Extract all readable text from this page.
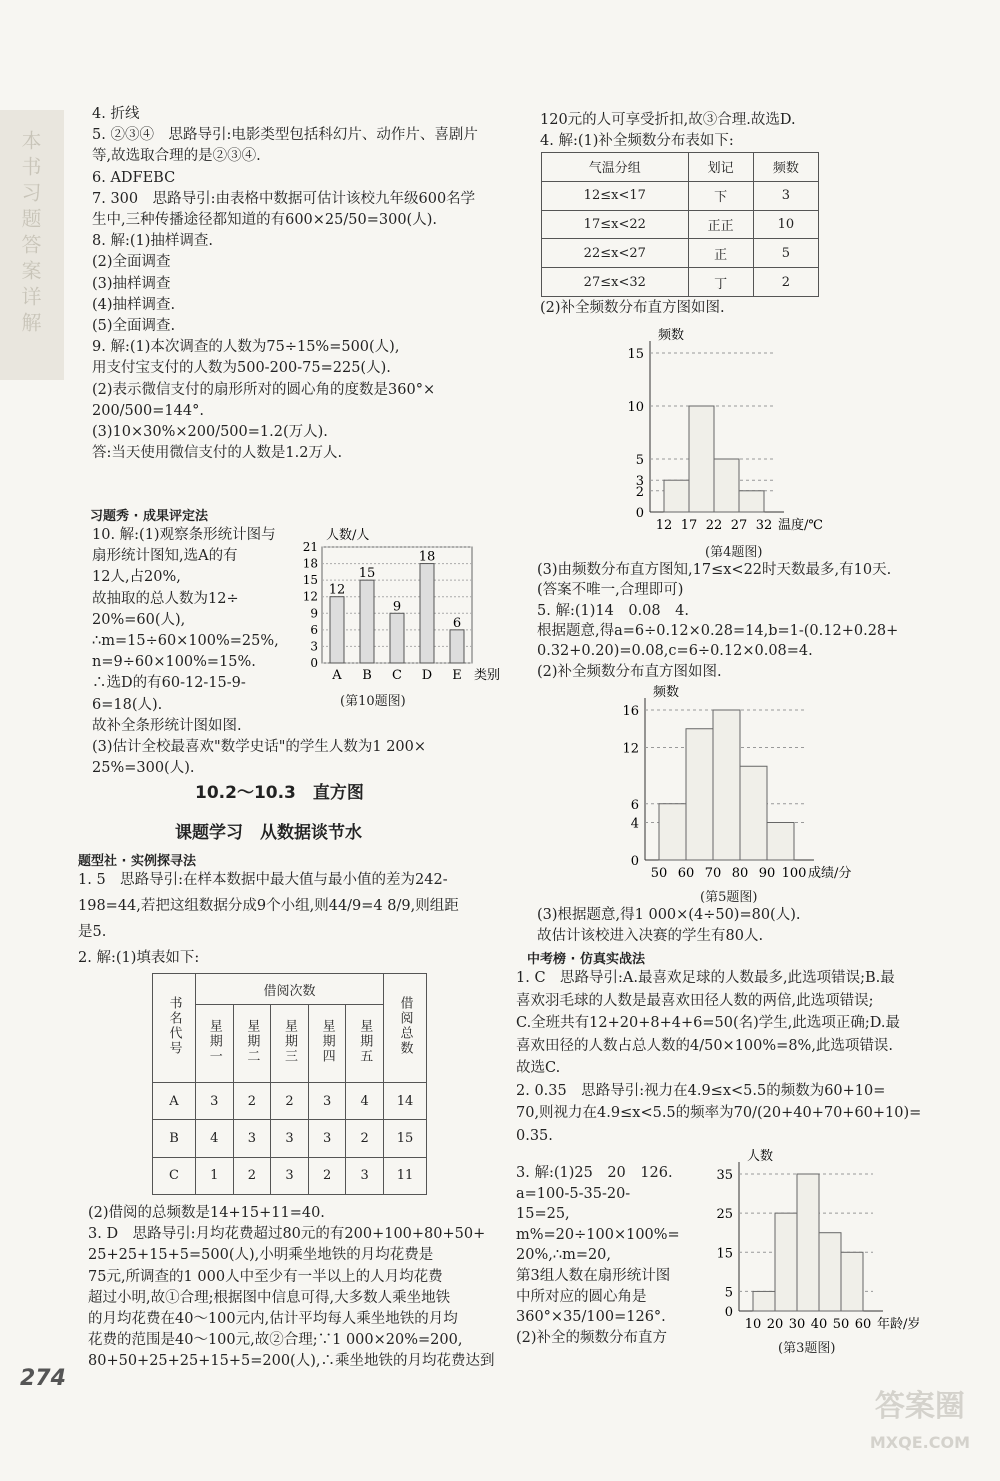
本书习题答案详解
4. 折线
5. ②③④　思路导引:电影类型包括科幻片、动作片、喜剧片
等,故选取合理的是②③④.
6. ADFEBC
7. 300　思路导引:由表格中数据可估计该校九年级600名学
生中,三种传播途径都知道的有600×25/50=300(人).
8. 解:(1)抽样调查.
(2)全面调查
(3)抽样调查
(4)抽样调查.
(5)全面调查.
9. 解:(1)本次调查的人数为75÷15%=500(人),
用支付宝支付的人数为500-200-75=225(人).
(2)表示微信支付的扇形所对的圆心角的度数是360°×
200/500=144°.
(3)10×30%×200/500=1.2(万人).
答:当天使用微信支付的人数是1.2万人.
习题秀 · 成果评定法
10. 解:(1)观察条形统计图与
扇形统计图知,选A的有
12人,占20%,
故抽取的总人数为12÷
20%=60(人),
∴m=15÷60×100%=25%,
n=9÷60×100%=15%.
∴选D的有60-12-15-9-
6=18(人).
故补全条形统计图如图.
(3)估计全校最喜欢"数学史话"的学生人数为1 200×
25%=300(人).
0
3
6
9
12
15
18
21
12
A
15
B
9
C
18
D
6
E
人数/人
类别
(第10题图)
10.2～10.3　直方图
课题学习　从数据谈节水
题型社 · 实例探寻法
1. 5　思路导引:在样本数据中最大值与最小值的差为242-
198=44,若把这组数据分成9个小组,则44/9=4 8/9,则组距
是5.
2. 解:(1)填表如下:
书名代号	借阅次数					借阅总数
	星期一	星期二	星期三	星期四	星期五	
A	3	2	2	3	4	14
B	4	3	3	3	2	15
C	1	2	3	2	3	11
(2)借阅的总频数是14+15+11=40.
3. D　思路导引:月均花费超过80元的有200+100+80+50+
25+25+15+5=500(人),小明乘坐地铁的月均花费是
75元,所调查的1 000人中至少有一半以上的人月均花费
超过小明,故①合理;根据图中信息可得,大多数人乘坐地铁
的月均花费在40～100元内,估计平均每人乘坐地铁的月均
花费的范围是40～100元,故②合理;∵1 000×20%=200,
80+50+25+25+15+5=200(人),∴乘坐地铁的月均花费达到
120元的人可享受折扣,故③合理.故选D.
4. 解:(1)补全频数分布表如下:
气温分组	划记	频数
12≤x<17	下	3
17≤x<22	正正	10
22≤x<27	正	5
27≤x<32	丁	2
(2)补全频数分布直方图如图.
0
2
3
5
10
15
12 17 22 27 32
频数
温度/℃
(第4题图)
(3)由频数分布直方图知,17≤x<22时天数最多,有10天.
(答案不唯一,合理即可)
5. 解:(1)14　0.08　4.
根据题意,得a=6÷0.12×0.28=14,b=1-(0.12+0.28+
0.32+0.20)=0.08,c=6÷0.12×0.08=4.
(2)补全频数分布直方图如图.
0
4
6
12
16
50 60 70 80 90 100
频数
成绩/分
(第5题图)
(3)根据题意,得1 000×(4÷50)=80(人).
故估计该校进入决赛的学生有80人.
中考榜 · 仿真实战法
1. C　思路导引:A.最喜欢足球的人数最多,此选项错误;B.最
喜欢羽毛球的人数是最喜欢田径人数的两倍,此选项错误;
C.全班共有12+20+8+4+6=50(名)学生,此选项正确;D.最
喜欢田径的人数占总人数的4/50×100%=8%,此选项错误.
故选C.
2. 0.35　思路导引:视力在4.9≤x<5.5的频数为60+10=
70,则视力在4.9≤x<5.5的频率为70/(20+40+70+60+10)=
0.35.
3. 解:(1)25　20　126.
a=100-5-35-20-
15=25,
m%=20÷100×100%=
20%,∴m=20,
第3组人数在扇形统计图
中所对应的圆心角是
360°×35/100=126°.
(2)补全的频数分布直方
0
5
15
25
35
10 20 30 40 50 60
人数
年龄/岁
(第3题图)
274
答案圈
MXQE.COM
